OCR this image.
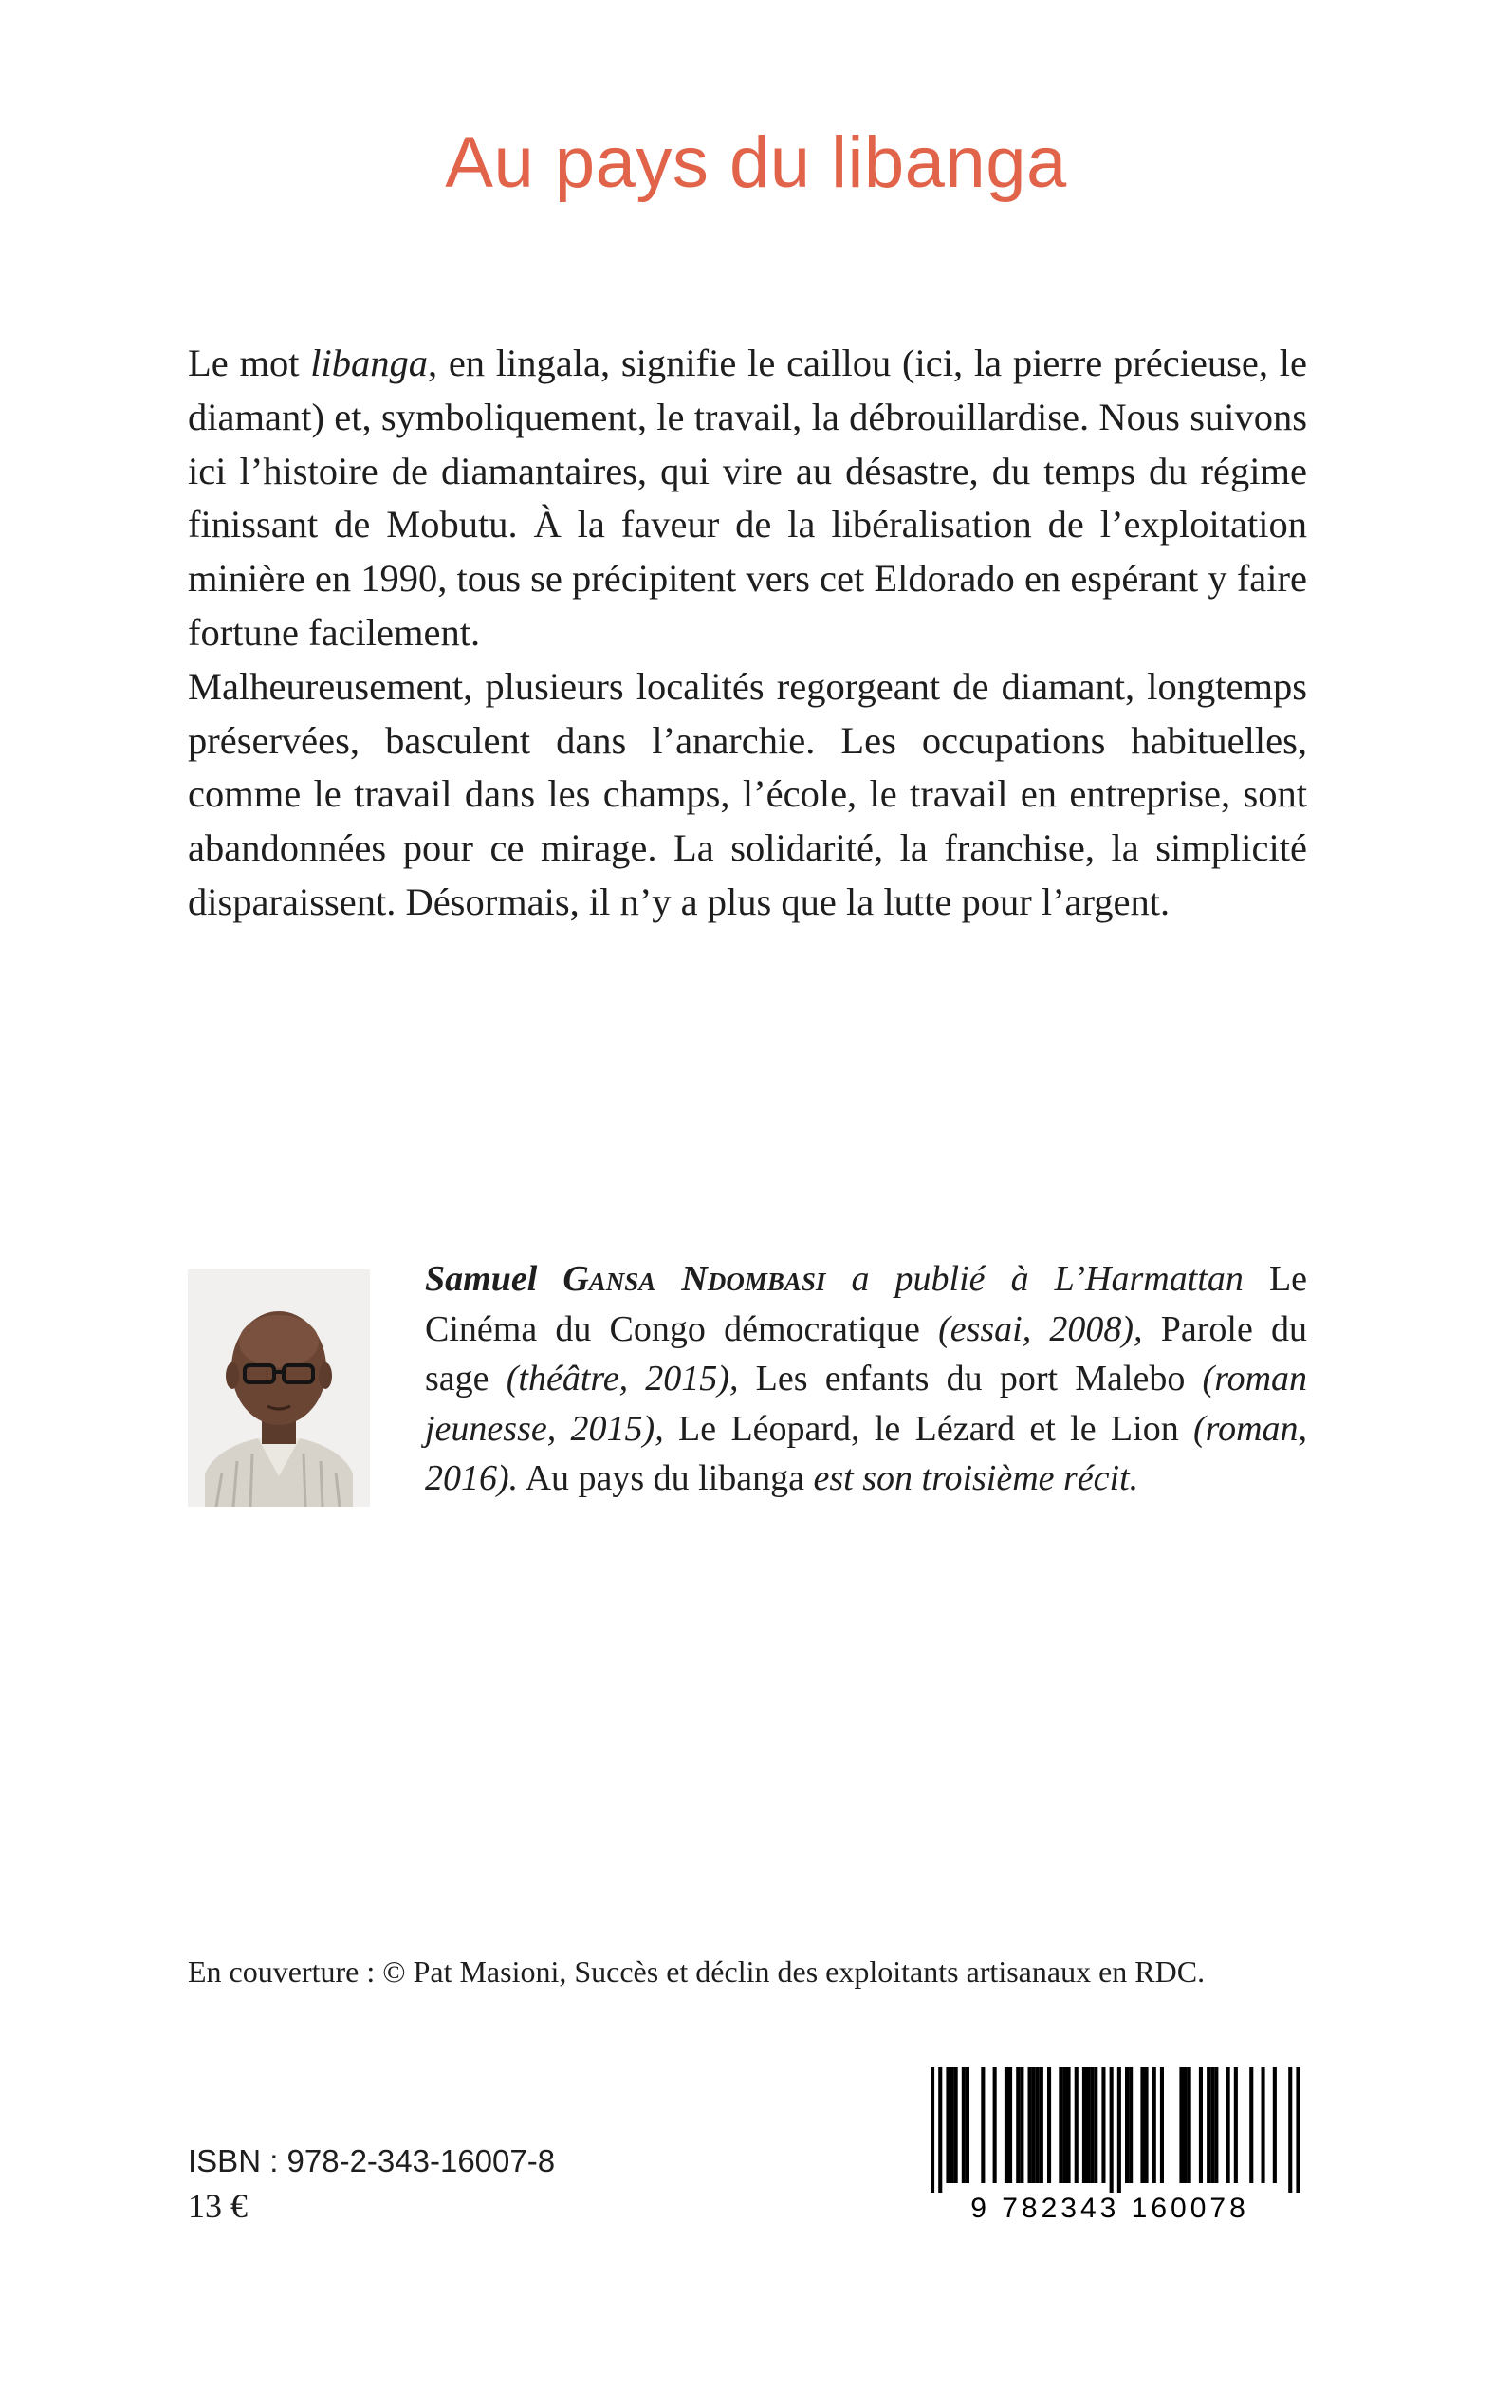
Au pays du libanga

Le mot libanga, en lingala, signifie le caillou (ici, la pierre précieuse, le diamant) et, symboliquement, le travail, la débrouillardise. Nous suivons ici l’histoire de diamantaires, qui vire au désastre, du temps du régime finissant de Mobutu. À la faveur de la libéralisation de l’exploitation minière en 1990, tous se précipitent vers cet Eldorado en espérant y faire fortune facilement.

Malheureusement, plusieurs localités regorgeant de diamant, longtemps préservées, basculent dans l’anarchie. Les occupations habituelles, comme le travail dans les champs, l’école, le travail en entreprise, sont abandonnées pour ce mirage. La solidarité, la franchise, la simplicité disparaissent. Désormais, il n’y a plus que la lutte pour l’argent.

Samuel Gansa Ndombasi a publié à L’Harmattan Le Cinéma du Congo démocratique (essai, 2008), Parole du sage (théâtre, 2015), Les enfants du port Malebo (roman jeunesse, 2015), Le Léopard, le Lézard et le Lion (roman, 2016). Au pays du libanga est son troisième récit.
En couverture : © Pat Masioni, Succès et déclin des exploitants artisanaux en RDC.
ISBN : 978-2-343-16007-8
13 €	9 782343 160078
